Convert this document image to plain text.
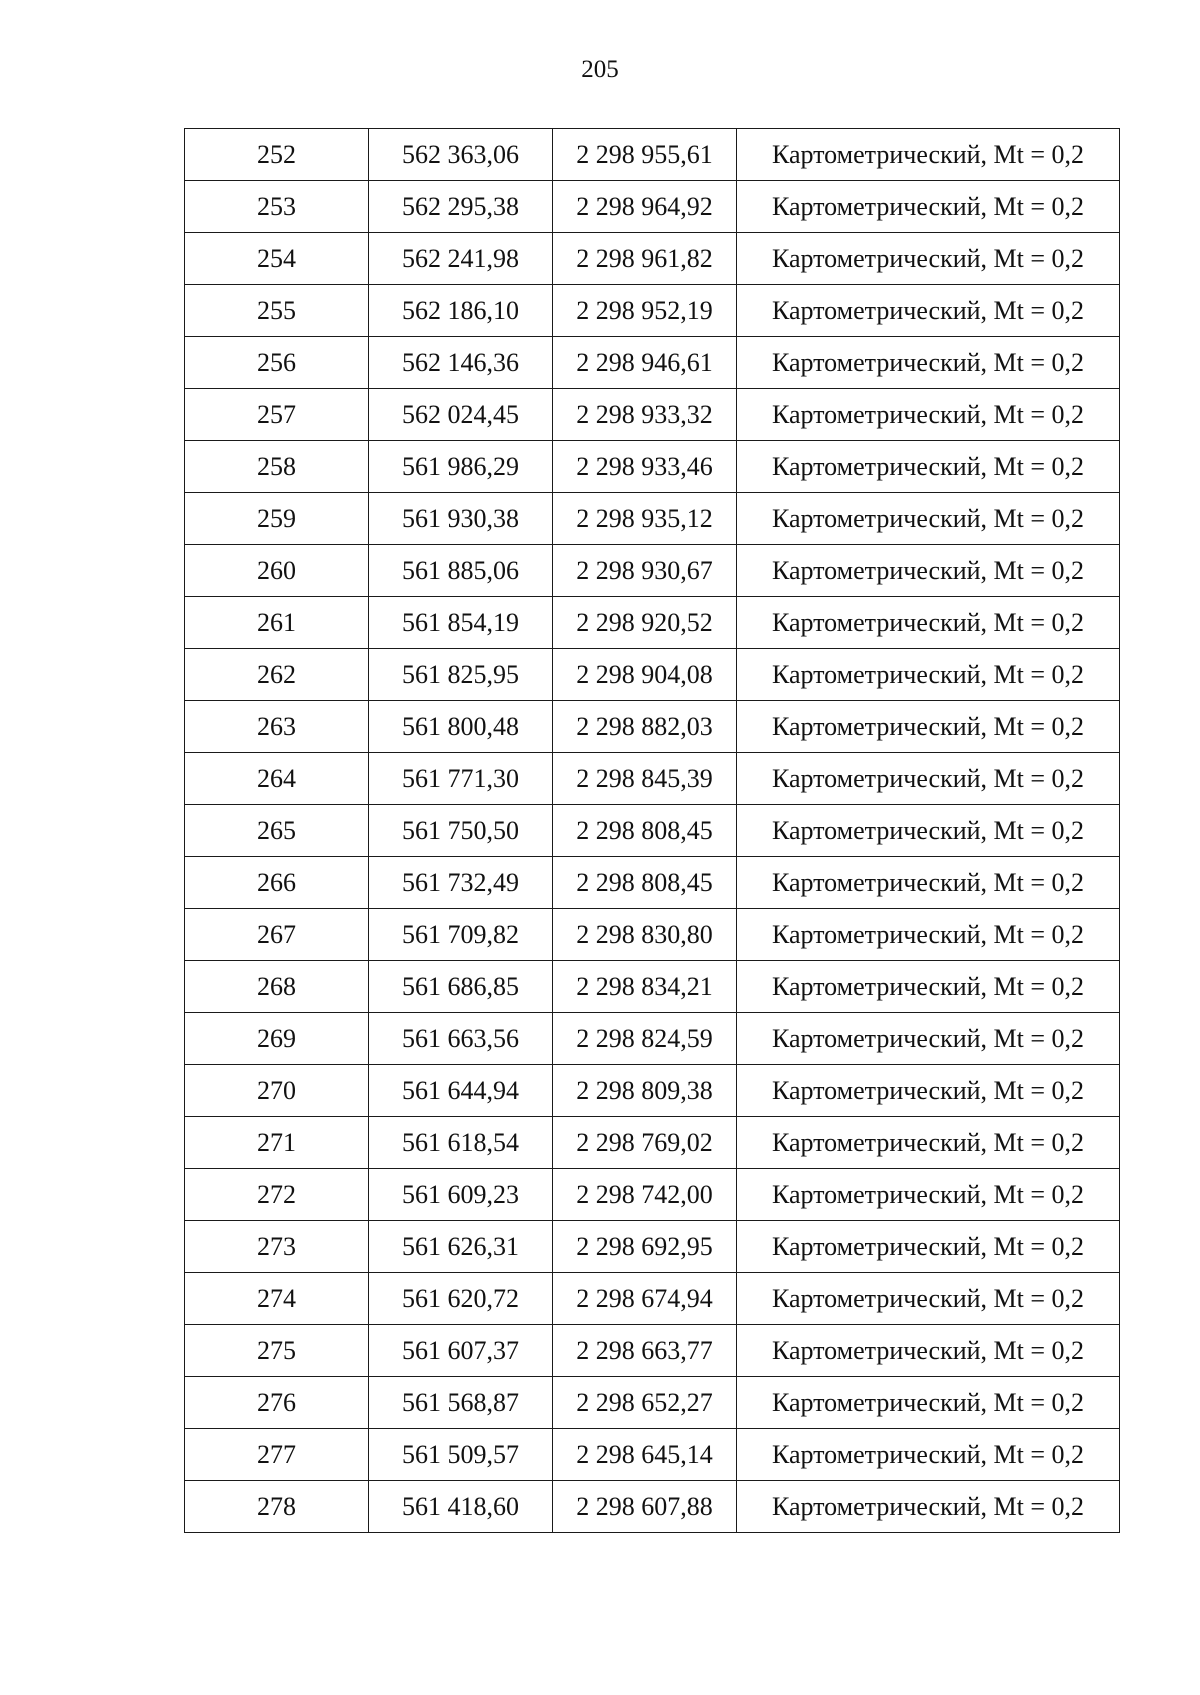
205
252	562 363,06	2 298 955,61	Картометрический, Mt = 0,2
253	562 295,38	2 298 964,92	Картометрический, Mt = 0,2
254	562 241,98	2 298 961,82	Картометрический, Mt = 0,2
255	562 186,10	2 298 952,19	Картометрический, Mt = 0,2
256	562 146,36	2 298 946,61	Картометрический, Mt = 0,2
257	562 024,45	2 298 933,32	Картометрический, Mt = 0,2
258	561 986,29	2 298 933,46	Картометрический, Mt = 0,2
259	561 930,38	2 298 935,12	Картометрический, Mt = 0,2
260	561 885,06	2 298 930,67	Картометрический, Mt = 0,2
261	561 854,19	2 298 920,52	Картометрический, Mt = 0,2
262	561 825,95	2 298 904,08	Картометрический, Mt = 0,2
263	561 800,48	2 298 882,03	Картометрический, Mt = 0,2
264	561 771,30	2 298 845,39	Картометрический, Mt = 0,2
265	561 750,50	2 298 808,45	Картометрический, Mt = 0,2
266	561 732,49	2 298 808,45	Картометрический, Mt = 0,2
267	561 709,82	2 298 830,80	Картометрический, Mt = 0,2
268	561 686,85	2 298 834,21	Картометрический, Mt = 0,2
269	561 663,56	2 298 824,59	Картометрический, Mt = 0,2
270	561 644,94	2 298 809,38	Картометрический, Mt = 0,2
271	561 618,54	2 298 769,02	Картометрический, Mt = 0,2
272	561 609,23	2 298 742,00	Картометрический, Mt = 0,2
273	561 626,31	2 298 692,95	Картометрический, Mt = 0,2
274	561 620,72	2 298 674,94	Картометрический, Mt = 0,2
275	561 607,37	2 298 663,77	Картометрический, Mt = 0,2
276	561 568,87	2 298 652,27	Картометрический, Mt = 0,2
277	561 509,57	2 298 645,14	Картометрический, Mt = 0,2
278	561 418,60	2 298 607,88	Картометрический, Mt = 0,2
